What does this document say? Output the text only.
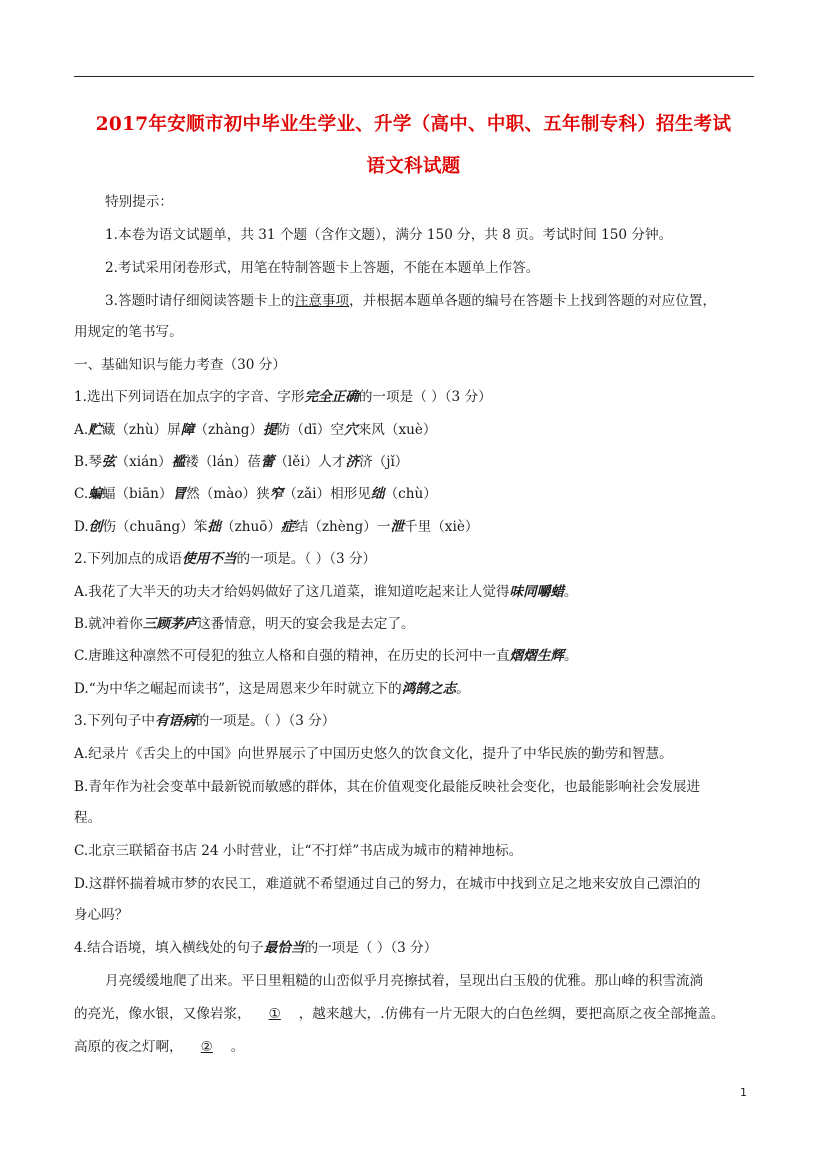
2017年安顺市初中毕业生学业、升学（高中、中职、五年制专科）招生考试
语文科试题
特别提示：
1.本卷为语文试题单，共 31 个题（含作文题），满分 150 分，共 8 页。考试时间 150 分钟。
2.考试采用闭卷形式，用笔在特制答题卡上答题，不能在本题单上作答。
3.答题时请仔细阅读答题卡上的注意事项，并根据本题单各题的编号在答题卡上找到答题的对应位置，
用规定的笔书写。
一、基础知识与能力考查（30 分）
1.选出下列词语在加点字的字音、字形完全正确的一项是（ ）（3 分）
A.贮藏（zhù）屏障（zhàng）提防（dī）空穴来风（xuè）
B.琴弦（xián）褴褛（lán）蓓蕾（lěi）人才济济（jǐ）
C.蝙蝠（biān）冒然（mào）狭窄（zǎi）相形见绌（chù）
D.创伤（chuāng）笨拙（zhuō）症结（zhèng）一泄千里（xiè）
2.下列加点的成语使用不当的一项是。（ ）（3 分）
A.我花了大半天的功夫才给妈妈做好了这几道菜，谁知道吃起来让人觉得味同嚼蜡。
B.就冲着你三顾茅庐这番情意，明天的宴会我是去定了。
C.唐雎这种凛然不可侵犯的独立人格和自强的精神，在历史的长河中一直熠熠生辉。
D.“为中华之崛起而读书”，这是周恩来少年时就立下的鸿鹄之志。
3.下列句子中有语病的一项是。（ ）（3 分）
A.纪录片《舌尖上的中国》向世界展示了中国历史悠久的饮食文化，提升了中华民族的勤劳和智慧。
B.青年作为社会变革中最新锐而敏感的群体，其在价值观变化最能反映社会变化，也最能影响社会发展进
程。
C.北京三联韬奋书店 24 小时营业，让“不打烊”书店成为城市的精神地标。
D.这群怀揣着城市梦的农民工，难道就不希望通过自己的努力，在城市中找到立足之地来安放自己漂泊的
身心吗？
4.结合语境，填入横线处的句子最恰当的一项是（ ）（3 分）
月亮缓缓地爬了出来。平日里粗糙的山峦似乎月亮擦拭着，呈现出白玉般的优雅。那山峰的积雪流淌
的亮光，像水银，又像岩浆， ① ，越来越大，.仿佛有一片无限大的白色丝绸，要把高原之夜全部掩盖。
高原的夜之灯啊， ② 。
1
